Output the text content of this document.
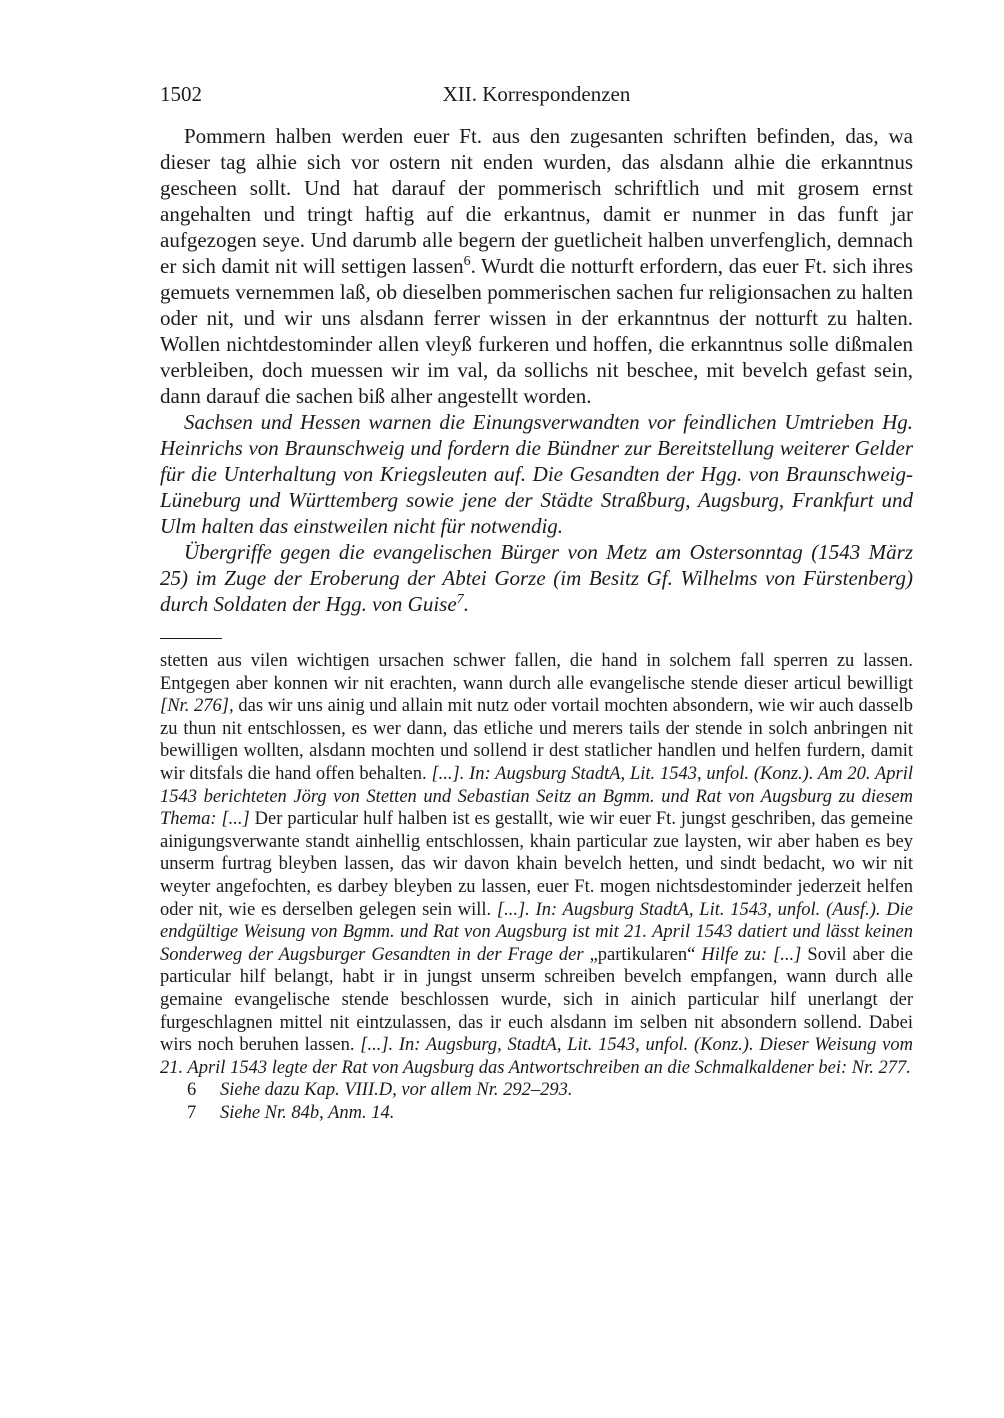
1502	XII. Korrespondenzen

Pommern halben werden euer Ft. aus den zugesanten schriften befinden, das, wa dieser tag alhie sich vor ostern nit enden wurden, das alsdann alhie die erkanntnus gescheen sollt. Und hat darauf der pommerisch schriftlich und mit grosem ernst angehalten und tringt haftig auf die erkantnus, damit er nunmer in das funft jar aufgezogen seye. Und darumb alle begern der guetlicheit halben unverfenglich, demnach er sich damit nit will settigen lassen$^6$. Wurdt die notturft erfordern, das euer Ft. sich ihres gemuets vernemmen laß, ob dieselben pommerischen sachen fur religionsachen zu halten oder nit, und wir uns alsdann ferrer wissen in der erkanntnus der notturft zu halten. Wollen nichtdestominder allen vleyß furkeren und hoffen, die erkanntnus solle dißmalen verbleiben, doch muessen wir im val, da sollichs nit beschee, mit bevelch gefast sein, dann darauf die sachen biß alher angestellt worden.

Sachsen und Hessen warnen die Einungsverwandten vor feindlichen Umtrieben Hg. Heinrichs von Braunschweig und fordern die Bündner zur Bereitstellung weiterer Gelder für die Unterhaltung von Kriegsleuten auf. Die Gesandten der Hgg. von Braunschweig-Lüneburg und Württemberg sowie jene der Städte Straßburg, Augsburg, Frankfurt und Ulm halten das einstweilen nicht für notwendig.

Übergriffe gegen die evangelischen Bürger von Metz am Ostersonntag (1543 März 25) im Zuge der Eroberung der Abtei Gorze (im Besitz Gf. Wilhelms von Fürstenberg) durch Soldaten der Hgg. von Guise$^7$.

stetten aus vilen wichtigen ursachen schwer fallen, die hand in solchem fall sperren zu lassen. Entgegen aber konnen wir nit erachten, wann durch alle evangelische stende dieser articul bewilligt [Nr. 276], das wir uns ainig und allain mit nutz oder vortail mochten absondern, wie wir auch dasselb zu thun nit entschlossen, es wer dann, das etliche und merers tails der stende in solch anbringen nit bewilligen wollten, alsdann mochten und sollend ir dest statlicher handlen und helfen furdern, damit wir ditsfals die hand offen behalten. [...]. In: Augsburg StadtA, Lit. 1543, unfol. (Konz.). Am 20. April 1543 berichteten Jörg von Stetten und Sebastian Seitz an Bgmm. und Rat von Augsburg zu diesem Thema: [...] Der particular hulf halben ist es gestallt, wie wir euer Ft. jungst geschriben, das gemeine ainigungsverwante standt ainhellig entschlossen, khain particular zue laysten, wir aber haben es bey unserm furtrag bleyben lassen, das wir davon khain bevelch hetten, und sindt bedacht, wo wir nit weyter angefochten, es darbey bleyben zu lassen, euer Ft. mogen nichtsdestominder jederzeit helfen oder nit, wie es derselben gelegen sein will. [...]. In: Augsburg StadtA, Lit. 1543, unfol. (Ausf.). Die endgültige Weisung von Bgmm. und Rat von Augsburg ist mit 21. April 1543 datiert und lässt keinen Sonderweg der Augsburger Gesandten in der Frage der „partikularen“ Hilfe zu: [...] Sovil aber die particular hilf belangt, habt ir in jungst unserm schreiben bevelch empfangen, wann durch alle gemaine evangelische stende beschlossen wurde, sich in ainich particular hilf unerlangt der furgeschlagnen mittel nit eintzulassen, das ir euch alsdann im selben nit absondern sollend. Dabei wirs noch beruhen lassen. [...]. In: Augsburg, StadtA, Lit. 1543, unfol. (Konz.). Dieser Weisung vom 21. April 1543 legte der Rat von Augsburg das Antwortschreiben an die Schmalkaldener bei: Nr. 277.

6 Siehe dazu Kap. VIII.D, vor allem Nr. 292–293.

7 Siehe Nr. 84b, Anm. 14.
